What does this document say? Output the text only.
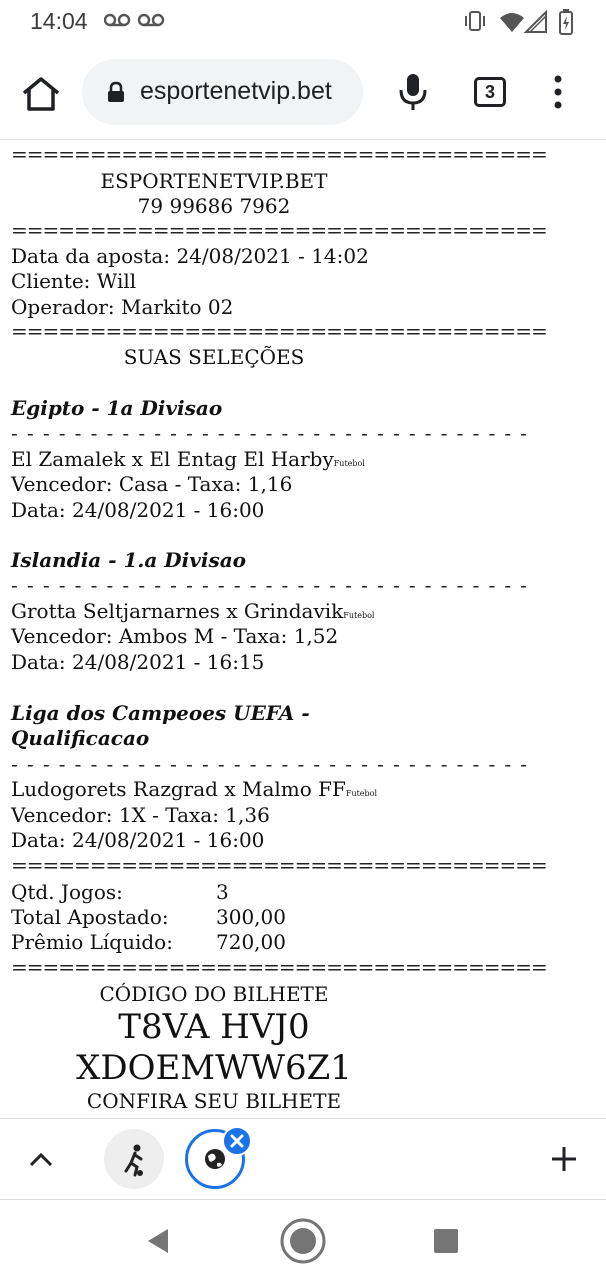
14:04
esportenetvip.bet	3
==================================
ESPORTENETVIP.BET
79 99686 7962
==================================
Data da aposta: 24/08/2021 - 14:02
Cliente: Will
Operador: Markito 02
==================================
SUAS SELEÇÕES
Egipto - 1a Divisao
- - - - - - - - - - - - - - - - - - - - - - - - - - - - - - - - -
El Zamalek x El Entag El HarbyFutebol
Vencedor: Casa - Taxa: 1,16
Data: 24/08/2021 - 16:00
Islandia - 1.a Divisao
- - - - - - - - - - - - - - - - - - - - - - - - - - - - - - - - -
Grotta Seltjarnarnes x GrindavikFutebol
Vencedor: Ambos M - Taxa: 1,52
Data: 24/08/2021 - 16:15
Liga dos Campeoes UEFA -
Qualificacao
- - - - - - - - - - - - - - - - - - - - - - - - - - - - - - - - -
Ludogorets Razgrad x Malmo FFFutebol
Vencedor: 1X - Taxa: 1,36
Data: 24/08/2021 - 16:00
==================================
Qtd. Jogos:	3
Total Apostado: 300,00
Prêmio Líquido: 720,00
==================================
CÓDIGO DO BILHETE
T8VA HVJ0
XDOEMWW6Z1
CONFIRA SEU BILHETE
